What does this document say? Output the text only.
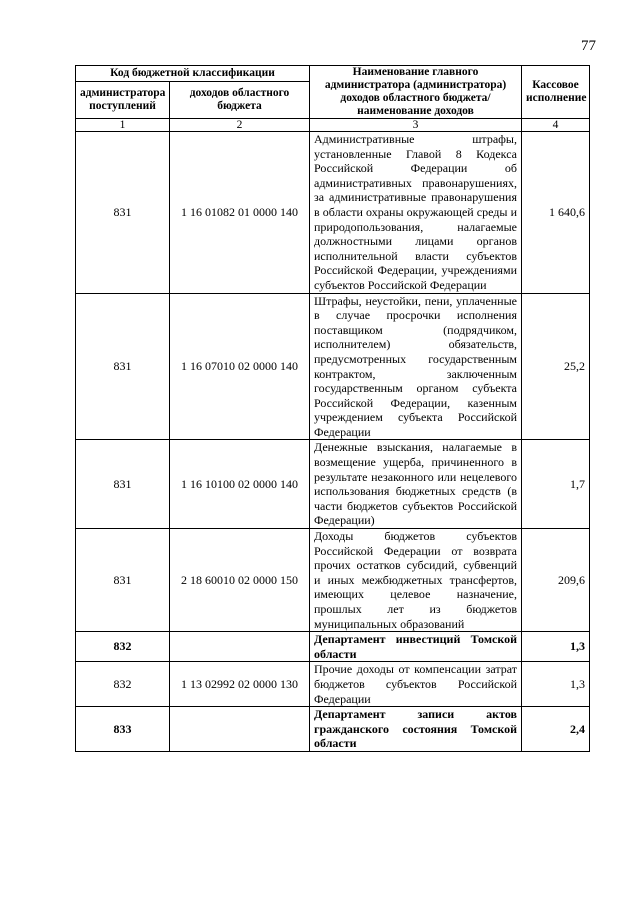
77
Код бюджетной классификации		Наименование главного администратора (администратора) доходов областного бюджета/ наименование доходов	Кассовое исполнение
администратора поступлений	доходов областного бюджета		
1	2	3	4
831	1 16 01082 01 0000 140	Административные штрафы, установленные Главой 8 Кодекса Российской Федерации об административных правонарушениях, за административные правонарушения в области охраны окружающей среды и природопользования, налагаемые должностными лицами органов исполнительной власти субъектов Российской Федерации, учреждениями субъектов Российской Федерации	1 640,6
831	1 16 07010 02 0000 140	Штрафы, неустойки, пени, уплаченные в случае просрочки исполнения поставщиком (подрядчиком, исполнителем) обязательств, предусмотренных государственным контрактом, заключенным государственным органом субъекта Российской Федерации, казенным учреждением субъекта Российской Федерации	25,2
831	1 16 10100 02 0000 140	Денежные взыскания, налагаемые в возмещение ущерба, причиненного в результате незаконного или нецелевого использования бюджетных средств (в части бюджетов субъектов Российской Федерации)	1,7
831	2 18 60010 02 0000 150	Доходы бюджетов субъектов Российской Федерации от возврата прочих остатков субсидий, субвенций и иных межбюджетных трансфертов, имеющих целевое назначение, прошлых лет из бюджетов муниципальных образований	209,6
832		Департамент инвестиций Томской области	1,3
832	1 13 02992 02 0000 130	Прочие доходы от компенсации затрат бюджетов субъектов Российской Федерации	1,3
833		Департамент записи актов гражданского состояния Томской области	2,4
